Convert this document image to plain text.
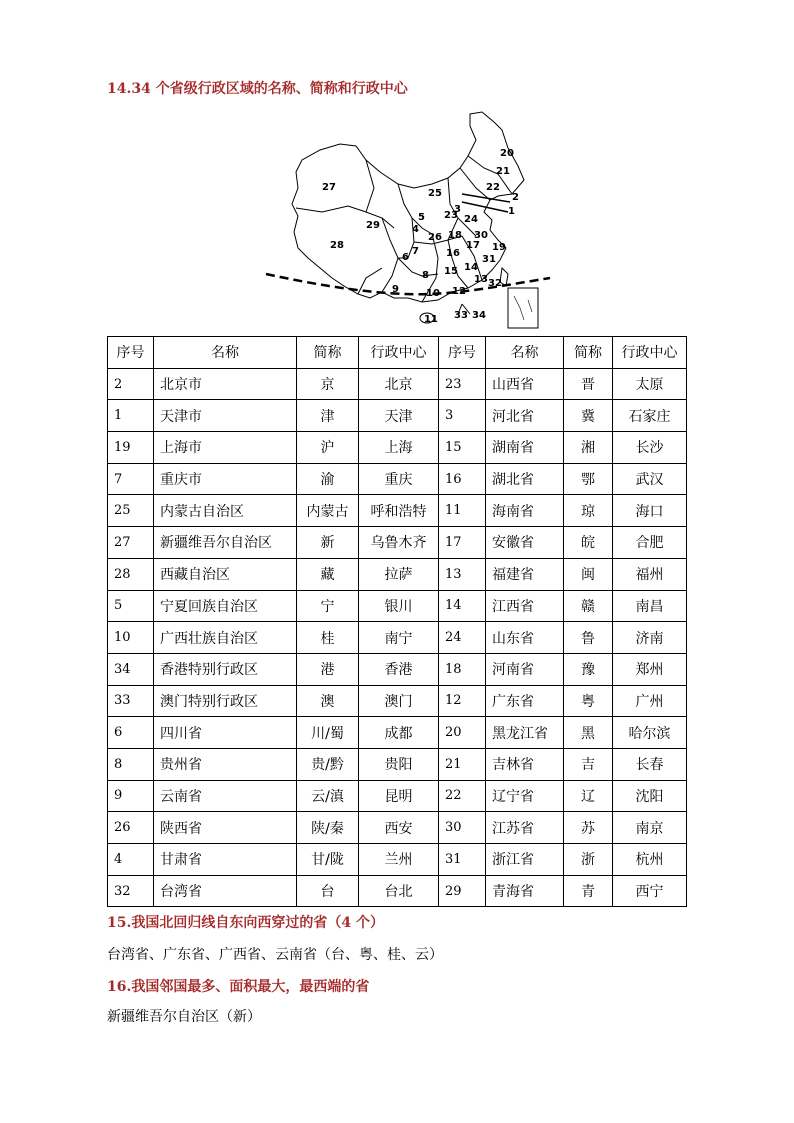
14.34 个省级行政区域的名称、简称和行政中心
27
25
29
28
5
4
6
9
8
3
23 24
26 18 30
16
17 19
15
31
14
13 32
10 12
11 33 34
20
21
22
2
1
7
序号	名称	简称	行政中心	序号	名称	简称	行政中心
2	北京市	京	北京	23	山西省	晋	太原
1	天津市	津	天津	3	河北省	冀	石家庄
19	上海市	沪	上海	15	湖南省	湘	长沙
7	重庆市	渝	重庆	16	湖北省	鄂	武汉
25	内蒙古自治区	内蒙古	呼和浩特	11	海南省	琼	海口
27	新疆维吾尔自治区	新	乌鲁木齐	17	安徽省	皖	合肥
28	西藏自治区	藏	拉萨	13	福建省	闽	福州
5	宁夏回族自治区	宁	银川	14	江西省	赣	南昌
10	广西壮族自治区	桂	南宁	24	山东省	鲁	济南
34	香港特别行政区	港	香港	18	河南省	豫	郑州
33	澳门特别行政区	澳	澳门	12	广东省	粤	广州
6	四川省	川/蜀	成都	20	黑龙江省	黑	哈尔滨
8	贵州省	贵/黔	贵阳	21	吉林省	吉	长春
9	云南省	云/滇	昆明	22	辽宁省	辽	沈阳
26	陕西省	陕/秦	西安	30	江苏省	苏	南京
4	甘肃省	甘/陇	兰州	31	浙江省	浙	杭州
32	台湾省	台	台北	29	青海省	青	西宁
15.我国北回归线自东向西穿过的省（4 个）
台湾省、广东省、广西省、云南省（台、粤、桂、云）
16.我国邻国最多、面积最大，最西端的省
新疆维吾尔自治区（新）
